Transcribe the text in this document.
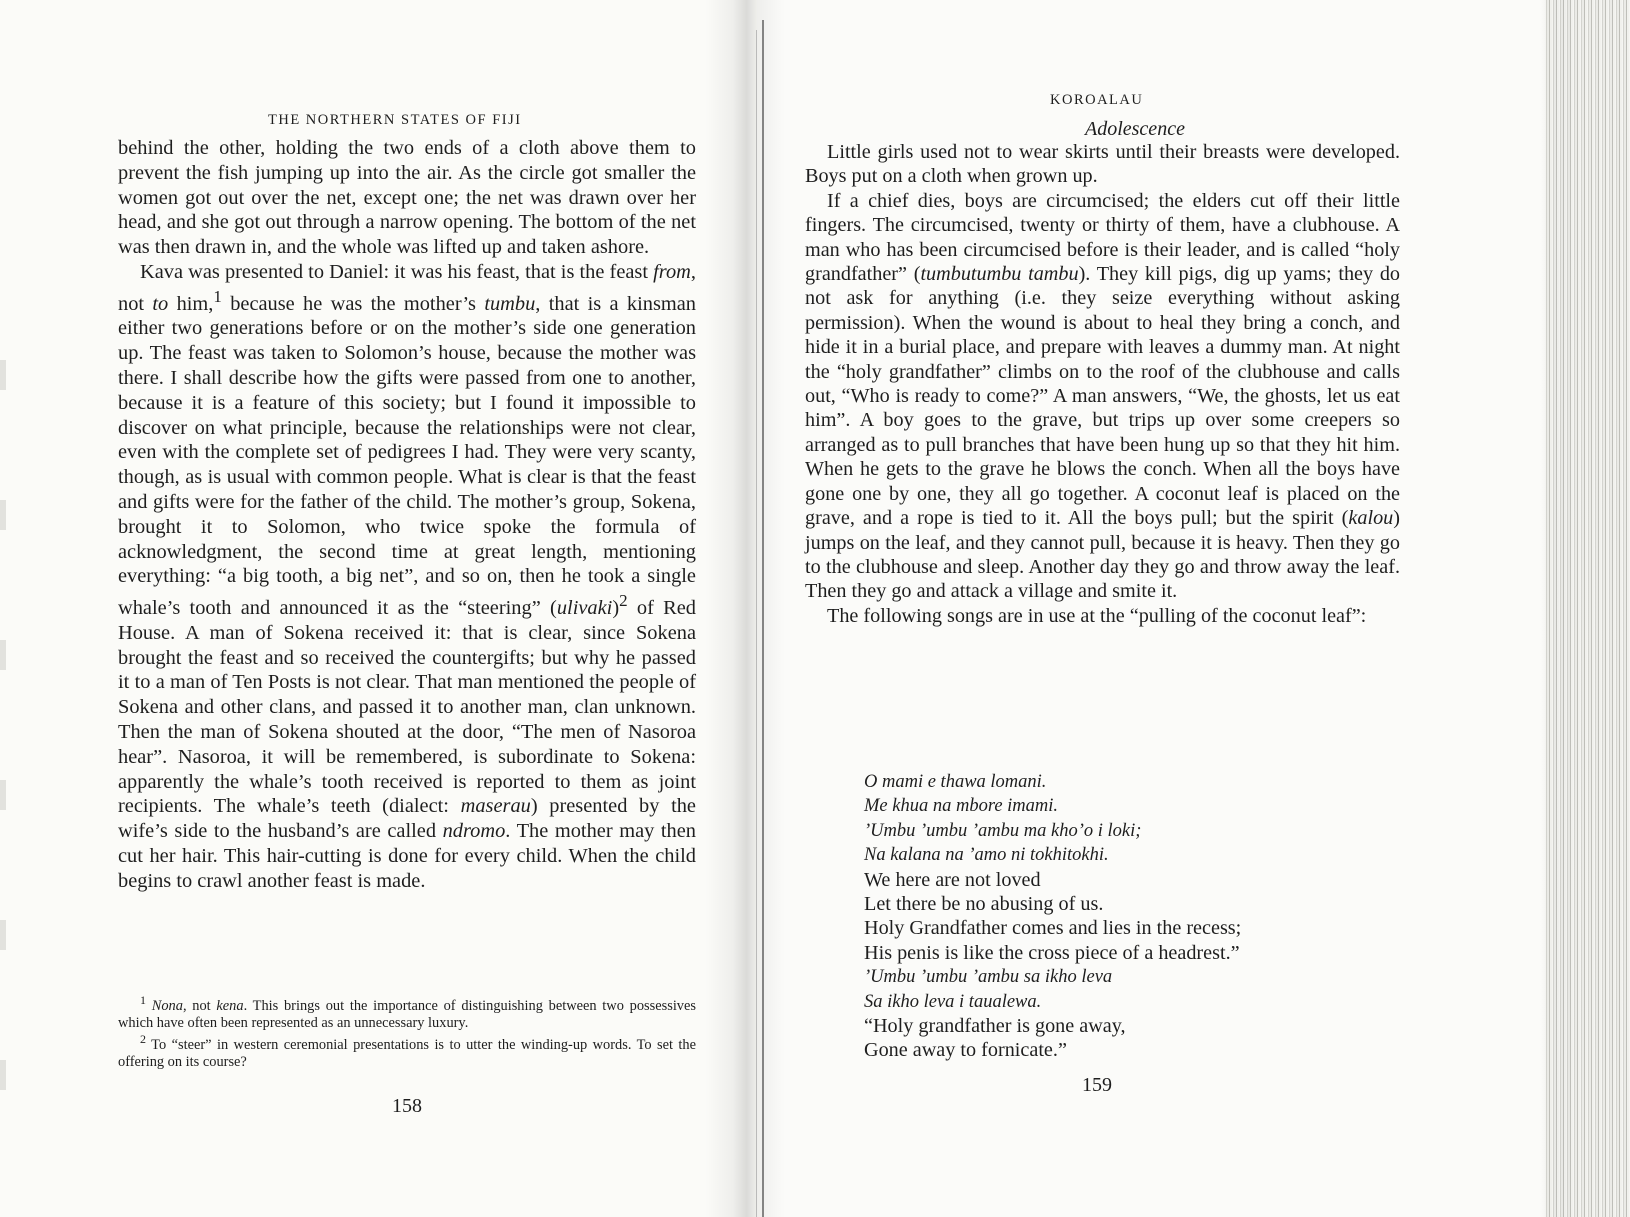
THE NORTHERN STATES OF FIJI

behind the other, holding the two ends of a cloth above them to prevent the fish jumping up into the air. As the circle got smaller the women got out over the net, except one; the net was drawn over her head, and she got out through a narrow opening. The bottom of the net was then drawn in, and the whole was lifted up and taken ashore.

Kava was presented to Daniel: it was his feast, that is the feast from, not to him,$^1$ because he was the mother’s tumbu, that is a kinsman either two generations before or on the mother’s side one generation up. The feast was taken to Solomon’s house, because the mother was there. I shall describe how the gifts were passed from one to another, because it is a feature of this society; but I found it impossible to discover on what principle, because the relationships were not clear, even with the complete set of pedigrees I had. They were very scanty, though, as is usual with common people. What is clear is that the feast and gifts were for the father of the child. The mother’s group, Sokena, brought it to Solomon, who twice spoke the formula of acknowledgment, the second time at great length, mentioning everything: “a big tooth, a big net”, and so on, then he took a single whale’s tooth and announced it as the “steering” (ulivaki)$^2$ of Red House. A man of Sokena received it: that is clear, since Sokena brought the feast and so received the countergifts; but why he passed it to a man of Ten Posts is not clear. That man mentioned the people of Sokena and other clans, and passed it to another man, clan unknown. Then the man of Sokena shouted at the door, “The men of Nasoroa hear”. Nasoroa, it will be remembered, is subordinate to Sokena: apparently the whale’s tooth received is reported to them as joint recipients. The whale’s teeth (dialect: maserau) presented by the wife’s side to the husband’s are called ndromo. The mother may then cut her hair. This hair-cutting is done for every child. When the child begins to crawl another feast is made.

$^1$ Nona, not kena. This brings out the importance of distinguishing between two possessives which have often been represented as an unnecessary luxury.

$^2$ To “steer” in western ceremonial presentations is to utter the winding-up words. To set the offering on its course?

158
KOROALAU
Adolescence

Little girls used not to wear skirts until their breasts were developed. Boys put on a cloth when grown up.

If a chief dies, boys are circumcised; the elders cut off their little fingers. The circumcised, twenty or thirty of them, have a clubhouse. A man who has been circumcised before is their leader, and is called “holy grandfather” (tumbutumbu tambu). They kill pigs, dig up yams; they do not ask for anything (i.e. they seize everything without asking permission). When the wound is about to heal they bring a conch, and hide it in a burial place, and prepare with leaves a dummy man. At night the “holy grandfather” climbs on to the roof of the clubhouse and calls out, “Who is ready to come?” A man answers, “We, the ghosts, let us eat him”. A boy goes to the grave, but trips up over some creepers so arranged as to pull branches that have been hung up so that they hit him. When he gets to the grave he blows the conch. When all the boys have gone one by one, they all go together. A coconut leaf is placed on the grave, and a rope is tied to it. All the boys pull; but the spirit (kalou) jumps on the leaf, and they cannot pull, because it is heavy. Then they go to the clubhouse and sleep. Another day they go and throw away the leaf. Then they go and attack a village and smite it.

The following songs are in use at the “pulling of the coconut leaf”:

O mami e thawa lomani.
Me khua na mbore imami.
’Umbu ’umbu ’ambu ma kho’o i loki;
Na kalana na ’amo ni tokhitokhi.
We here are not loved
Let there be no abusing of us.
Holy Grandfather comes and lies in the recess;
His penis is like the cross piece of a headrest.”
’Umbu ’umbu ’ambu sa ikho leva
Sa ikho leva i taualewa.
“Holy grandfather is gone away,
Gone away to fornicate.”
159
